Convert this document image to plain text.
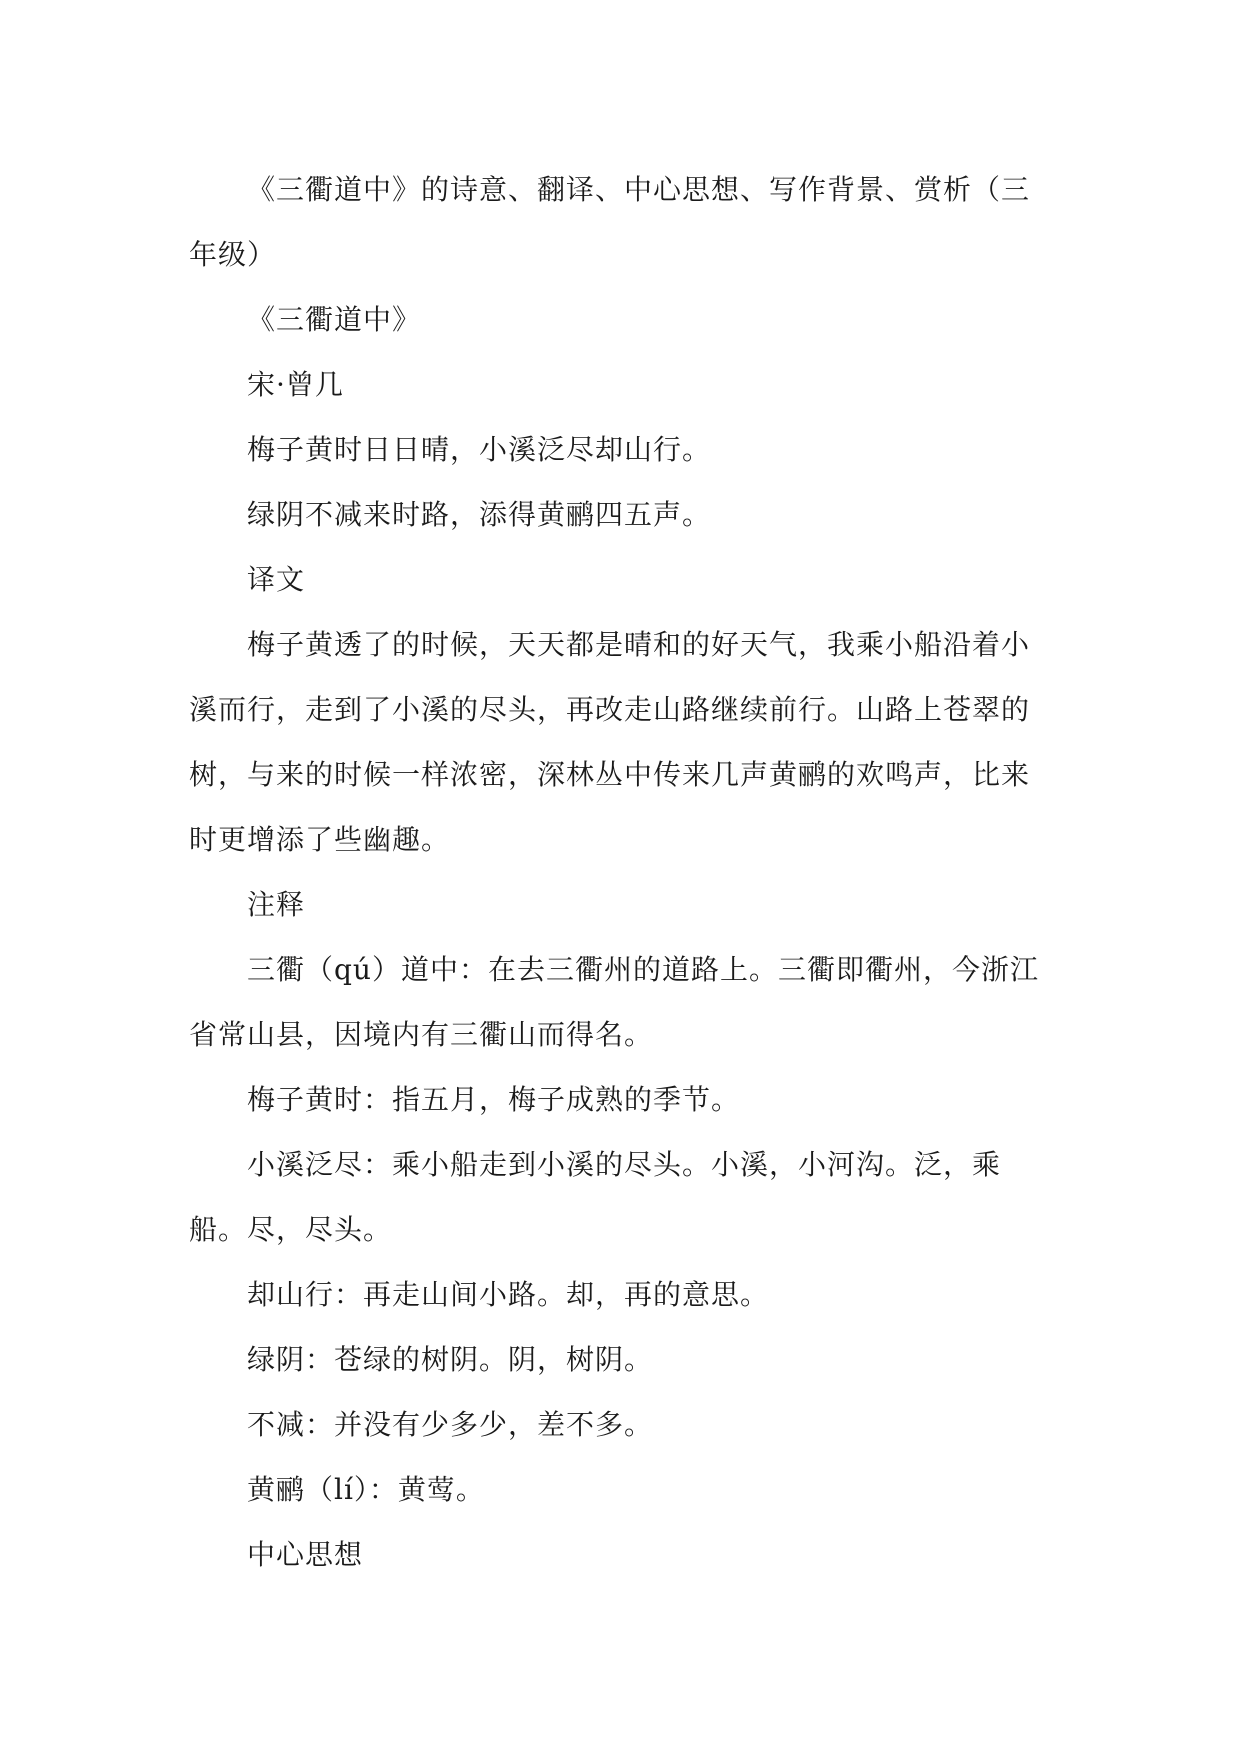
《三衢道中》的诗意、翻译、中心思想、写作背景、赏析（三年级）

《三衢道中》

宋·曾几

梅子黄时日日晴，小溪泛尽却山行。

绿阴不减来时路，添得黄鹂四五声。

译文

梅子黄透了的时候，天天都是晴和的好天气，我乘小船沿着小溪而行，走到了小溪的尽头，再改走山路继续前行。山路上苍翠的树，与来的时候一样浓密，深林丛中传来几声黄鹂的欢鸣声，比来时更增添了些幽趣。

注释

三衢（qú）道中：在去三衢州的道路上。三衢即衢州，今浙江省常山县，因境内有三衢山而得名。

梅子黄时：指五月，梅子成熟的季节。

小溪泛尽：乘小船走到小溪的尽头。小溪，小河沟。泛，乘船。尽，尽头。

却山行：再走山间小路。却，再的意思。

绿阴：苍绿的树阴。阴，树阴。

不减：并没有少多少，差不多。

黄鹂（lí）：黄莺。

中心思想
